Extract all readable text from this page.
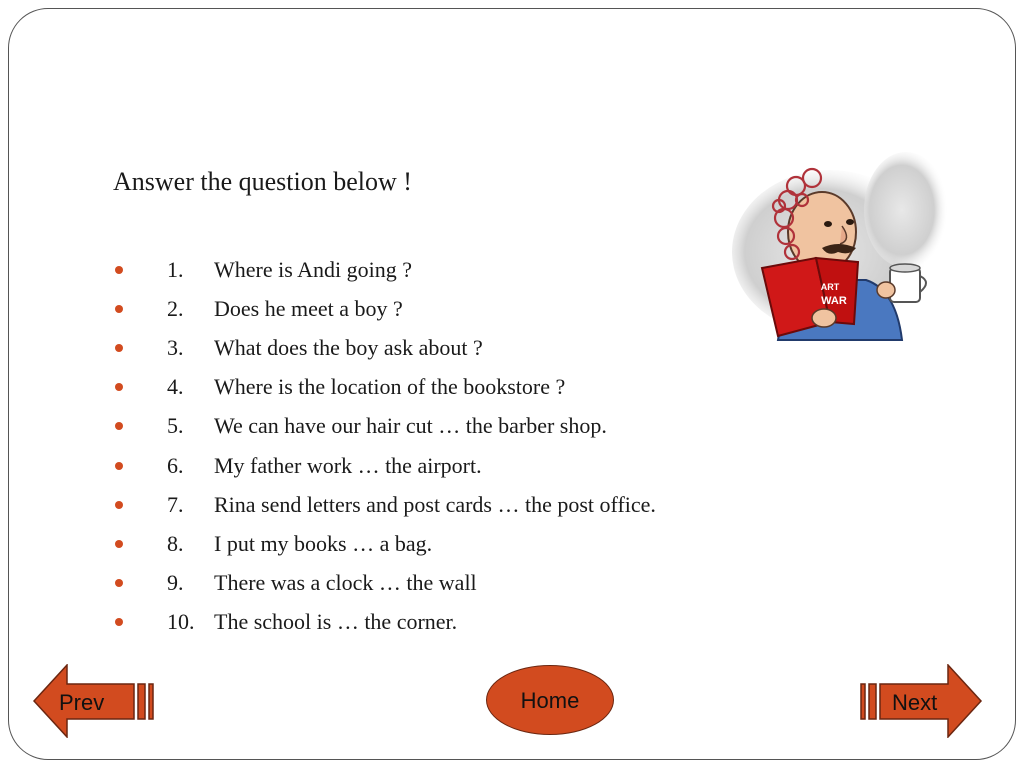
Answer the question below !
1.	Where is Andi going ?
2.	Does he meet a boy ?
3.	What does the boy ask about ?
4.	Where is the location of the bookstore ?
5.	We can have our hair cut … the barber shop.
6.	My father work … the airport.
7.	Rina send letters and post cards … the post office.
8.	I put my books … a bag.
9.	There was a clock … the wall
10. The school is … the corner.
ART
WAR
Prev	Home	Next
